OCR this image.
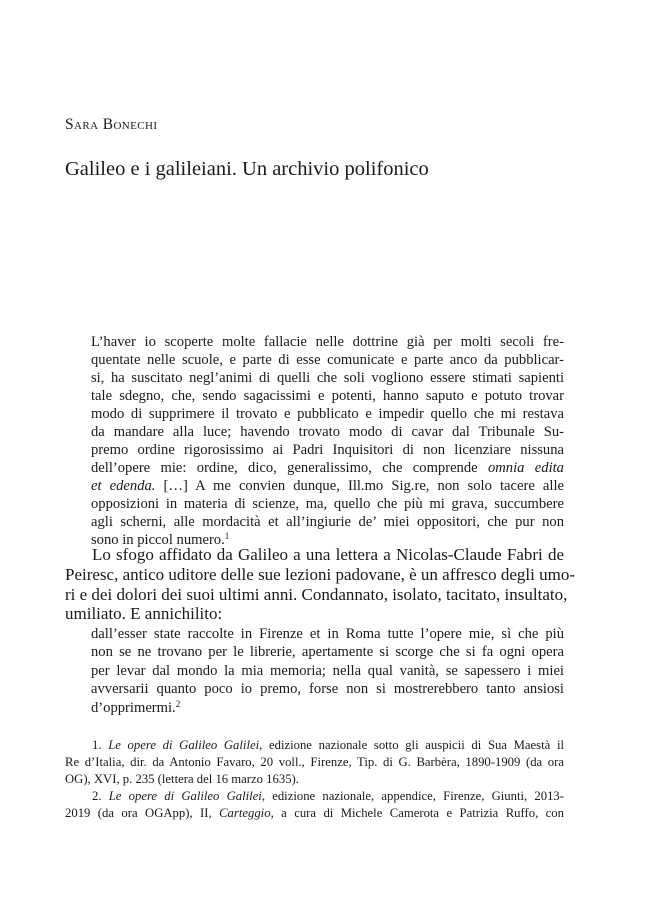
Sara Bonechi
Galileo e i galileiani. Un archivio polifonico
L’haver io scoperte molte fallacie nelle dottrine già per molti secoli fre-
quentate nelle scuole, e parte di esse comunicate e parte anco da pubblicar-
si, ha suscitato negl’animi di quelli che soli vogliono essere stimati sapienti
tale sdegno, che, sendo sagacissimi e potenti, hanno saputo e potuto trovar
modo di supprimere il trovato e pubblicato e impedir quello che mi restava
da mandare alla luce; havendo trovato modo di cavar dal Tribunale Su-
premo ordine rigorosissimo ai Padri Inquisitori di non licenziare nissuna
dell’opere mie: ordine, dico, generalissimo, che comprende omnia edita
et edenda. […] A me convien dunque, Ill.mo Sig.re, non solo tacere alle
opposizioni in materia di scienze, ma, quello che più mi grava, succumbere
agli scherni, alle mordacità et all’ingiurie de’ miei oppositori, che pur non
sono in piccol numero.$^1$
Lo sfogo affidato da Galileo a una lettera a Nicolas-Claude Fabri de
Peiresc, antico uditore delle sue lezioni padovane, è un affresco degli umo-
ri e dei dolori dei suoi ultimi anni. Condannato, isolato, tacitato, insultato,
umiliato. E annichilito:
dall’esser state raccolte in Firenze et in Roma tutte l’opere mie, sì che più
non se ne trovano per le librerie, apertamente si scorge che si fa ogni opera
per levar dal mondo la mia memoria; nella qual vanità, se sapessero i miei
avversarii quanto poco io premo, forse non si mostrerebbero tanto ansiosi
d’opprimermi.$^2$
1. Le opere di Galileo Galilei, edizione nazionale sotto gli auspicii di Sua Maestà il
Re d’Italia, dir. da Antonio Favaro, 20 voll., Firenze, Tip. di G. Barbèra, 1890-1909 (da ora
OG), XVI, p. 235 (lettera del 16 marzo 1635).
2. Le opere di Galileo Galilei, edizione nazionale, appendice, Firenze, Giunti, 2013-
2019 (da ora OGApp), II, Carteggio, a cura di Michele Camerota e Patrizia Ruffo, con
